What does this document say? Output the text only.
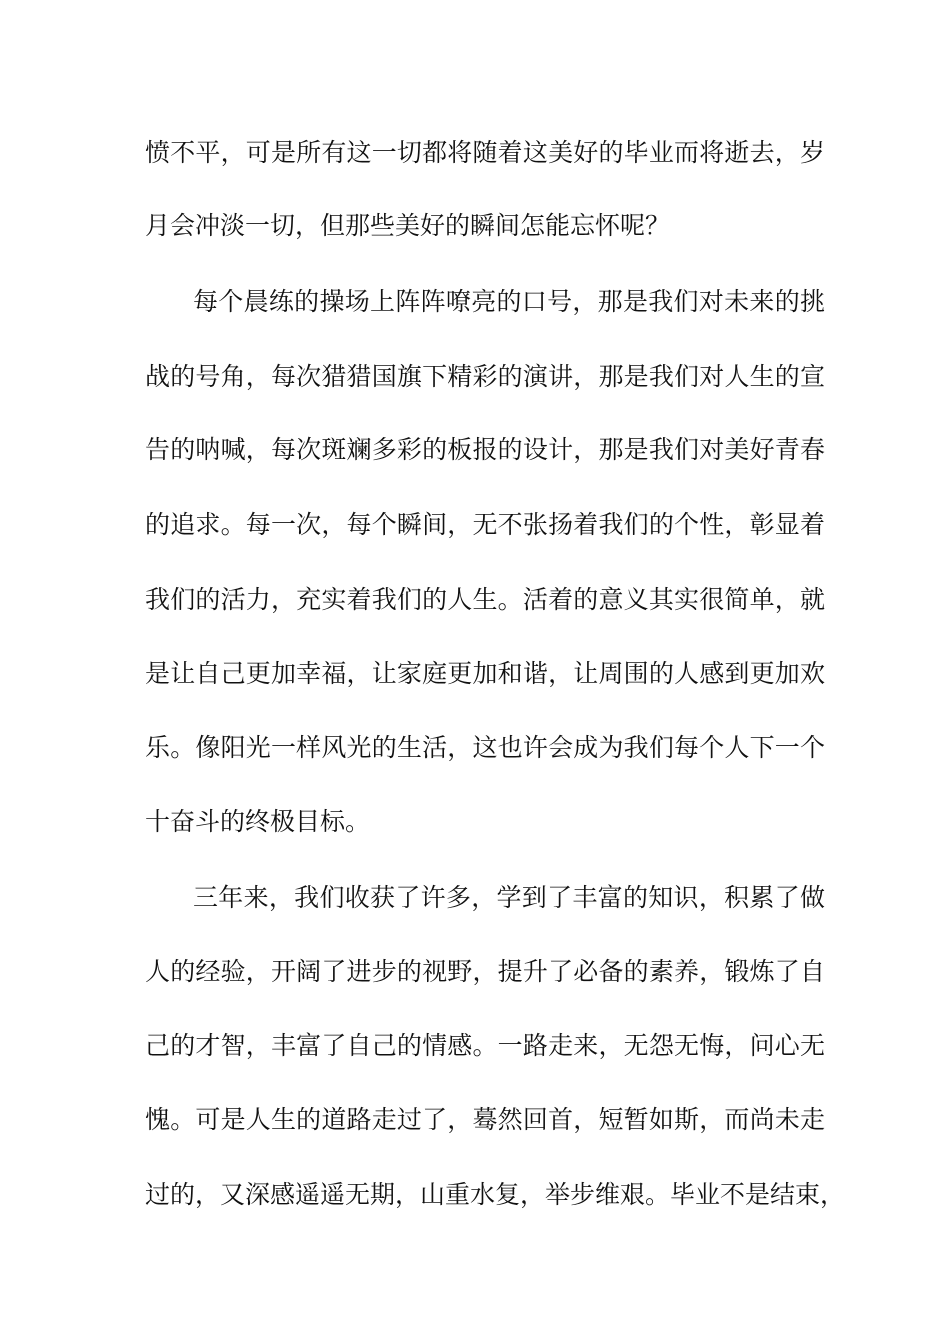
愤不平，可是所有这一切都将随着这美好的毕业而将逝去，岁
月会冲淡一切，但那些美好的瞬间怎能忘怀呢？
每个晨练的操场上阵阵嘹亮的口号，那是我们对未来的挑
战的号角，每次猎猎国旗下精彩的演讲，那是我们对人生的宣
告的呐喊，每次斑斓多彩的板报的设计，那是我们对美好青春
的追求。每一次，每个瞬间，无不张扬着我们的个性，彰显着
我们的活力，充实着我们的人生。活着的意义其实很简单，就
是让自己更加幸福，让家庭更加和谐，让周围的人感到更加欢
乐。像阳光一样风光的生活，这也许会成为我们每个人下一个
十奋斗的终极目标。
三年来，我们收获了许多，学到了丰富的知识，积累了做
人的经验，开阔了进步的视野，提升了必备的素养，锻炼了自
己的才智，丰富了自己的情感。一路走来，无怨无悔，问心无
愧。可是人生的道路走过了，蓦然回首，短暂如斯，而尚未走
过的，又深感遥遥无期，山重水复，举步维艰。毕业不是结束，
